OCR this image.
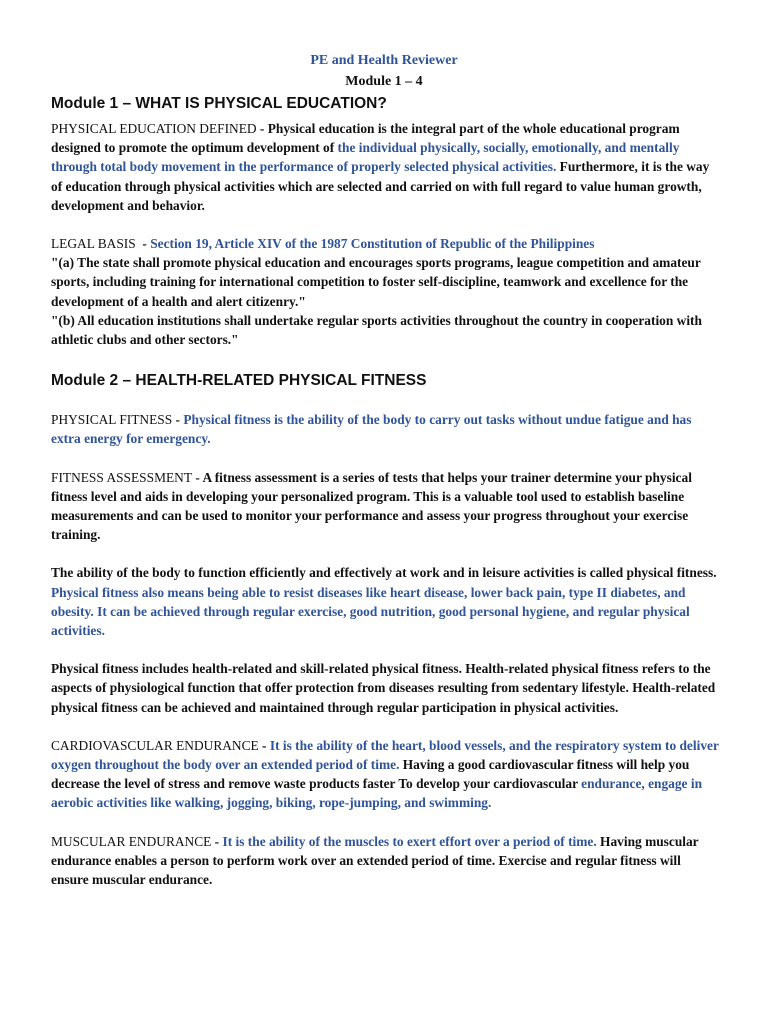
PE and Health Reviewer

Module 1 – 4

Module 1 – WHAT IS PHYSICAL EDUCATION?

PHYSICAL EDUCATION DEFINED - Physical education is the integral part of the whole educational program designed to promote the optimum development of the individual physically, socially, emotionally, and mentally through total body movement in the performance of properly selected physical activities. Furthermore, it is the way of education through physical activities which are selected and carried on with full regard to value human growth, development and behavior.

LEGAL BASIS  - Section 19, Article XIV of the 1987 Constitution of Republic of the Philippines

"(a) The state shall promote physical education and encourages sports programs, league competition and amateur sports, including training for international competition to foster self-discipline, teamwork and excellence for the development of a health and alert citizenry."

"(b) All education institutions shall undertake regular sports activities throughout the country in cooperation with athletic clubs and other sectors."

Module 2 – HEALTH-RELATED PHYSICAL FITNESS

PHYSICAL FITNESS - Physical fitness is the ability of the body to carry out tasks without undue fatigue and has extra energy for emergency.

FITNESS ASSESSMENT - A fitness assessment is a series of tests that helps your trainer determine your physical fitness level and aids in developing your personalized program. This is a valuable tool used to establish baseline measurements and can be used to monitor your performance and assess your progress throughout your exercise training.

The ability of the body to function efficiently and effectively at work and in leisure activities is called physical fitness. Physical fitness also means being able to resist diseases like heart disease, lower back pain, type II diabetes, and obesity. It can be achieved through regular exercise, good nutrition, good personal hygiene, and regular physical activities.

Physical fitness includes health-related and skill-related physical fitness. Health-related physical fitness refers to the aspects of physiological function that offer protection from diseases resulting from sedentary lifestyle. Health-related physical fitness can be achieved and maintained through regular participation in physical activities.

CARDIOVASCULAR ENDURANCE - It is the ability of the heart, blood vessels, and the respiratory system to deliver oxygen throughout the body over an extended period of time. Having a good cardiovascular fitness will help you decrease the level of stress and remove waste products faster To develop your cardiovascular endurance, engage in aerobic activities like walking, jogging, biking, rope-jumping, and swimming.

MUSCULAR ENDURANCE - It is the ability of the muscles to exert effort over a period of time. Having muscular endurance enables a person to perform work over an extended period of time. Exercise and regular fitness will ensure muscular endurance.
